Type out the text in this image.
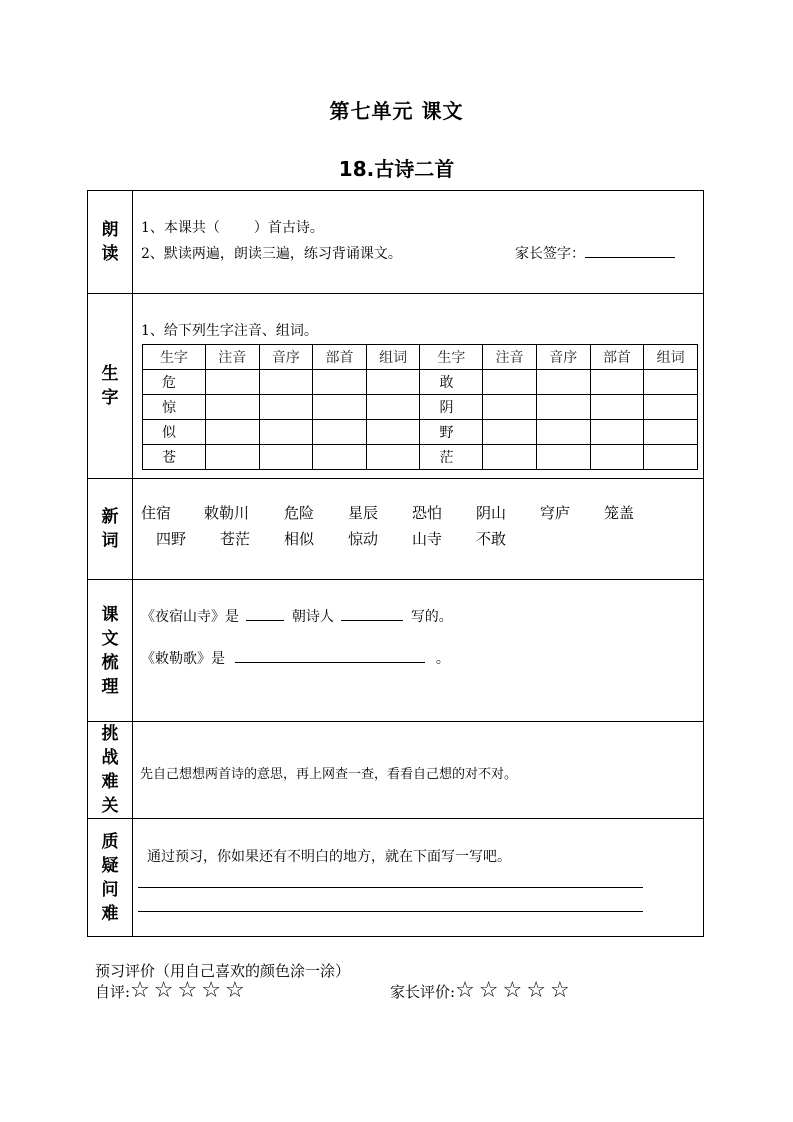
第七单元 课文
18.古诗二首
朗读
1、本课共（ ）首古诗。
2、默读两遍，朗读三遍，练习背诵课文。	家长签字：
生字
1、给下列生字注音、组词。
生字	注音	音序	部首	组词	生字	注音	音序	部首	组词
危					敢				
惊					阴				
似					野				
苍					茫				
新词
住宿 敕勒川 危险 星辰 恐怕 阴山 穹庐 笼盖
四野 苍茫 相似 惊动 山寺 不敢
课文梳理
《夜宿山寺》是	朝诗人	写的。
《敕勒歌》是	。
挑战难关
先自己想想两首诗的意思，再上网查一查，看看自己想的对不对。
质疑问难
通过预习，你如果还有不明白的地方，就在下面写一写吧。
预习评价（用自己喜欢的颜色涂一涂）
自评:☆☆☆☆☆	家长评价:☆☆☆☆☆
